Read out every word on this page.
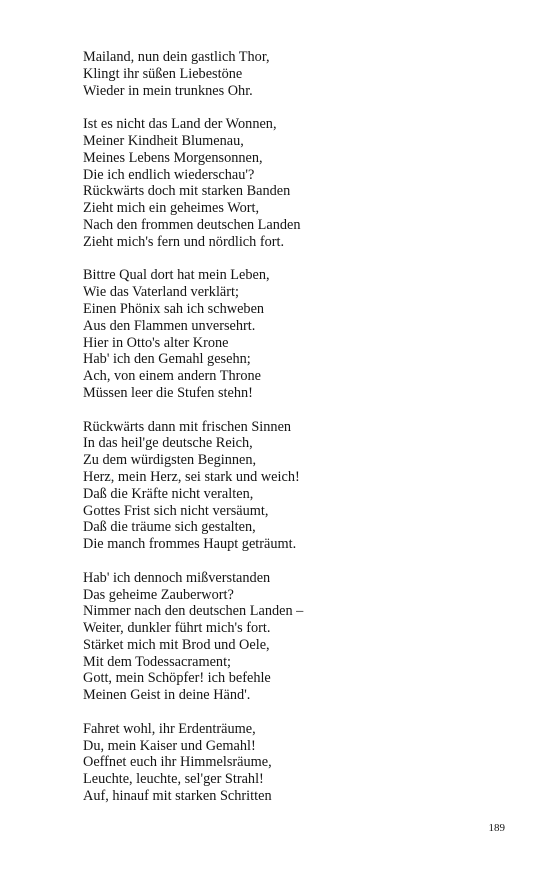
Mailand, nun dein gastlich Thor,
Klingt ihr süßen Liebestöne
Wieder in mein trunknes Ohr.
Ist es nicht das Land der Wonnen,
Meiner Kindheit Blumenau,
Meines Lebens Morgensonnen,
Die ich endlich wiederschau'?
Rückwärts doch mit starken Banden
Zieht mich ein geheimes Wort,
Nach den frommen deutschen Landen
Zieht mich's fern und nördlich fort.
Bittre Qual dort hat mein Leben,
Wie das Vaterland verklärt;
Einen Phönix sah ich schweben
Aus den Flammen unversehrt.
Hier in Otto's alter Krone
Hab' ich den Gemahl gesehn;
Ach, von einem andern Throne
Müssen leer die Stufen stehn!
Rückwärts dann mit frischen Sinnen
In das heil'ge deutsche Reich,
Zu dem würdigsten Beginnen,
Herz, mein Herz, sei stark und weich!
Daß die Kräfte nicht veralten,
Gottes Frist sich nicht versäumt,
Daß die träume sich gestalten,
Die manch frommes Haupt geträumt.
Hab' ich dennoch mißverstanden
Das geheime Zauberwort?
Nimmer nach den deutschen Landen –
Weiter, dunkler führt mich's fort.
Stärket mich mit Brod und Oele,
Mit dem Todessacrament;
Gott, mein Schöpfer! ich befehle
Meinen Geist in deine Händ'.
Fahret wohl, ihr Erdenträume,
Du, mein Kaiser und Gemahl!
Oeffnet euch ihr Himmelsräume,
Leuchte, leuchte, sel'ger Strahl!
Auf, hinauf mit starken Schritten
189
